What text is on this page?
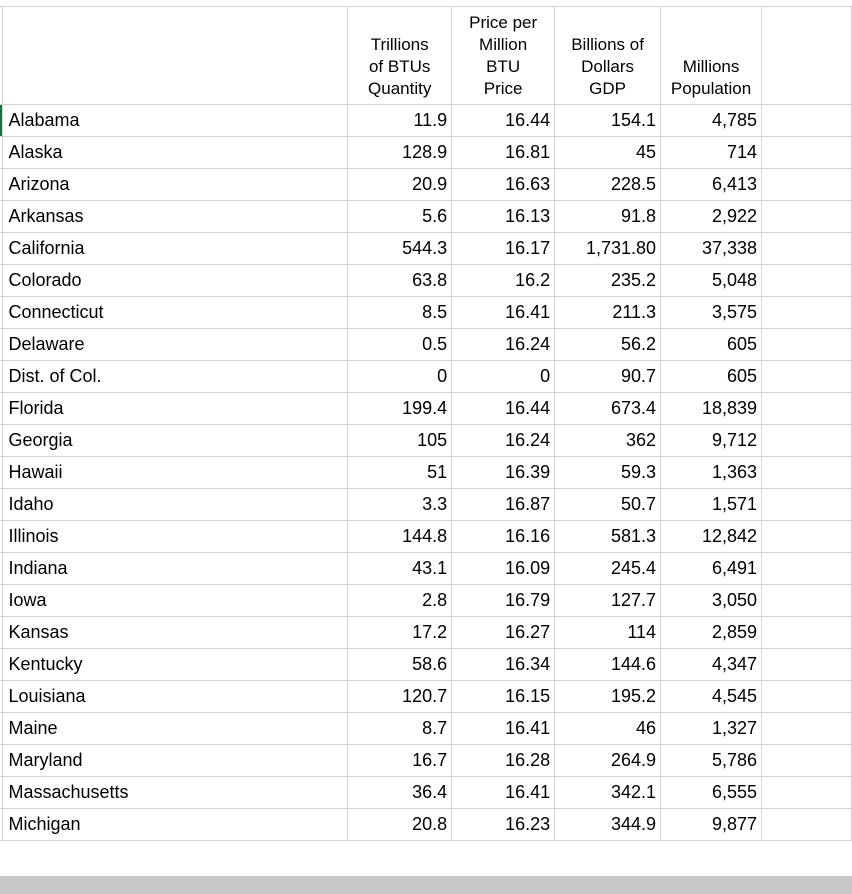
		Trillions
of BTUs
Quantity	Price per
Million
BTU
Price	Billions of
Dollars
GDP	Millions
Population	

	Alabama	11.9	16.44	154.1	4,785	
	Alaska	128.9	16.81	45	714	
	Arizona	20.9	16.63	228.5	6,413	
	Arkansas	5.6	16.13	91.8	2,922	
	California	544.3	16.17	1,731.80	37,338	
	Colorado	63.8	16.2	235.2	5,048	
	Connecticut	8.5	16.41	211.3	3,575	
	Delaware	0.5	16.24	56.2	605	
	Dist. of Col.	0	0	90.7	605	
	Florida	199.4	16.44	673.4	18,839	
	Georgia	105	16.24	362	9,712	
	Hawaii	51	16.39	59.3	1,363	
	Idaho	3.3	16.87	50.7	1,571	
	Illinois	144.8	16.16	581.3	12,842	
	Indiana	43.1	16.09	245.4	6,491	
	Iowa	2.8	16.79	127.7	3,050	
	Kansas	17.2	16.27	114	2,859	
	Kentucky	58.6	16.34	144.6	4,347	
	Louisiana	120.7	16.15	195.2	4,545	
	Maine	8.7	16.41	46	1,327	
	Maryland	16.7	16.28	264.9	5,786	
	Massachusetts	36.4	16.41	342.1	6,555	
	Michigan	20.8	16.23	344.9	9,877	
